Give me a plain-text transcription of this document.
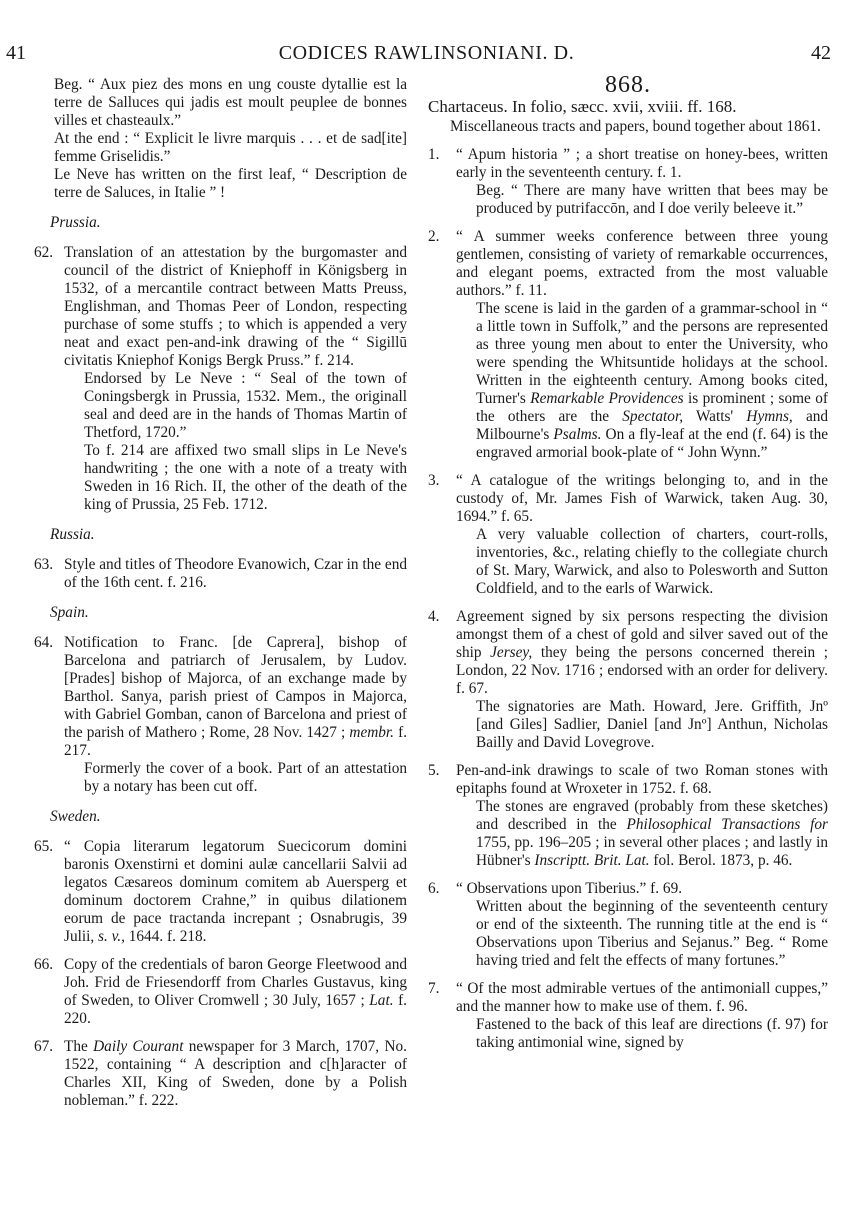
41	CODICES RAWLINSONIANI. D.	42

Beg. “ Aux piez des mons en ung couste dytallie est la terre de Salluces qui jadis est moult peuplee de bonnes villes et chasteaulx.”

At the end : “ Explicit le livre marquis . . . et de sad[ite] femme Griselidis.”

Le Neve has written on the first leaf, “ Description de terre de Saluces, in Italie ” !

Prussia.
62. Translation of an attestation by the burgomaster and council of the district of Kniephoff in Königsberg in 1532, of a mercantile contract between Matts Preuss, Englishman, and Thomas Peer of London, respecting purchase of some stuffs ; to which is appended a very neat and exact pen-and-ink drawing of the “ Sigillū civitatis Kniephof Konigs Bergk Pruss.” f. 214.

Endorsed by Le Neve : “ Seal of the town of Coningsbergk in Prussia, 1532. Mem., the originall seal and deed are in the hands of Thomas Martin of Thetford, 1720.”

To f. 214 are affixed two small slips in Le Neve's handwriting ; the one with a note of a treaty with Sweden in 16 Rich. II, the other of the death of the king of Prussia, 25 Feb. 1712.

Russia.
63. Style and titles of Theodore Evanowich, Czar in the end of the 16th cent. f. 216.

Spain.
64. Notification to Franc. [de Caprera], bishop of Barcelona and patriarch of Jerusalem, by Ludov. [Prades] bishop of Majorca, of an exchange made by Barthol. Sanya, parish priest of Campos in Majorca, with Gabriel Gomban, canon of Barcelona and priest of the parish of Mathero ; Rome, 28 Nov. 1427 ; membr. f. 217.

Formerly the cover of a book. Part of an attestation by a notary has been cut off.

Sweden.
65. “ Copia literarum legatorum Suecicorum domini baronis Oxenstirni et domini aulæ cancellarii Salvii ad legatos Cæsareos dominum comitem ab Auersperg et dominum doctorem Crahne,” in quibus dilationem eorum de pace tractanda increpant ; Osnabrugis, 39 Julii, s. v., 1644. f. 218.

66. Copy of the credentials of baron George Fleetwood and Joh. Frid de Friesendorff from Charles Gustavus, king of Sweden, to Oliver Cromwell ; 30 July, 1657 ; Lat. f. 220.

67. The Daily Courant newspaper for 3 March, 1707, No. 1522, containing “ A description and c[h]aracter of Charles XII, King of Sweden, done by a Polish nobleman.” f. 222.

868.

Chartaceus. In folio, sæcc. xvii, xviii. ff. 168.

Miscellaneous tracts and papers, bound together about 1861.

1. “ Apum historia ” ; a short treatise on honey-bees, written early in the seventeenth century. f. 1.

Beg. “ There are many have written that bees may be produced by putrifaccōn, and I doe verily beleeve it.”

2. “ A summer weeks conference between three young gentlemen, consisting of variety of remarkable occurrences, and elegant poems, extracted from the most valuable authors.” f. 11.

The scene is laid in the garden of a grammar-school in “ a little town in Suffolk,” and the persons are represented as three young men about to enter the University, who were spending the Whitsuntide holidays at the school. Written in the eighteenth century. Among books cited, Turner's Remarkable Providences is prominent ; some of the others are the Spectator, Watts' Hymns, and Milbourne's Psalms. On a fly-leaf at the end (f. 64) is the engraved armorial book-plate of “ John Wynn.”

3. “ A catalogue of the writings belonging to, and in the custody of, Mr. James Fish of Warwick, taken Aug. 30, 1694.” f. 65.

A very valuable collection of charters, court-rolls, inventories, &c., relating chiefly to the collegiate church of St. Mary, Warwick, and also to Polesworth and Sutton Coldfield, and to the earls of Warwick.

4. Agreement signed by six persons respecting the division amongst them of a chest of gold and silver saved out of the ship Jersey, they being the persons concerned therein ; London, 22 Nov. 1716 ; endorsed with an order for delivery. f. 67.

The signatories are Math. Howard, Jere. Griffith, Jnº [and Giles] Sadlier, Daniel [and Jnº] Anthun, Nicholas Bailly and David Lovegrove.

5. Pen-and-ink drawings to scale of two Roman stones with epitaphs found at Wroxeter in 1752. f. 68.

The stones are engraved (probably from these sketches) and described in the Philosophical Transactions for 1755, pp. 196–205 ; in several other places ; and lastly in Hübner's Inscriptt. Brit. Lat. fol. Berol. 1873, p. 46.

6. “ Observations upon Tiberius.” f. 69.

Written about the beginning of the seventeenth century or end of the sixteenth. The running title at the end is “ Observations upon Tiberius and Sejanus.” Beg. “ Rome having tried and felt the effects of many fortunes.”

7. “ Of the most admirable vertues of the antimoniall cuppes,” and the manner how to make use of them. f. 96.

Fastened to the back of this leaf are directions (f. 97) for taking antimonial wine, signed by
